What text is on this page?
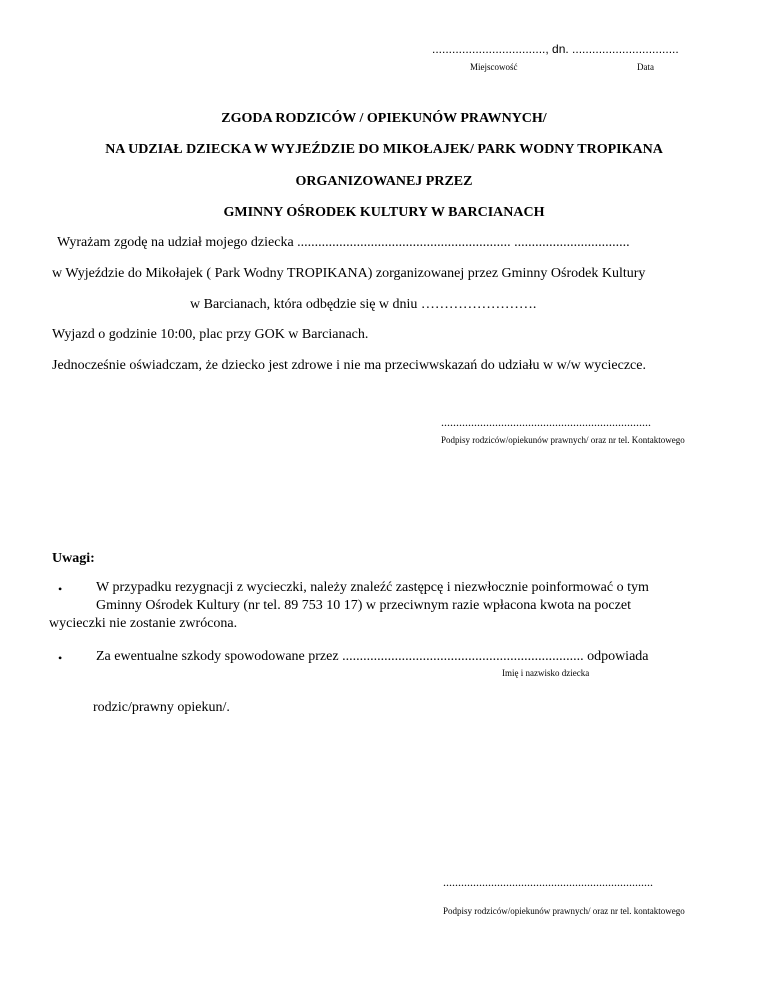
.................................., dn. ................................
Miejscowość	Data
ZGODA RODZICÓW / OPIEKUNÓW PRAWNYCH/
NA UDZIAŁ DZIECKA W WYJEŹDZIE DO MIKOŁAJEK/ PARK WODNY TROPIKANA
ORGANIZOWANEJ PRZEZ
GMINNY OŚRODEK KULTURY W BARCIANACH
Wyrażam zgodę na udział mojego dziecka ............................................................. .................................
w Wyjeździe do Mikołajek ( Park Wodny TROPIKANA) zorganizowanej przez Gminny Ośrodek Kultury
w Barcianach, która odbędzie się w dniu …………………….
Wyjazd o godzinie 10:00, plac przy GOK w Barcianach.
Jednocześnie oświadczam, że dziecko jest zdrowe i nie ma przeciwwskazań do udziału w w/w wycieczce.
......................................................................
Podpisy rodziców/opiekunów prawnych/ oraz nr tel. Kontaktowego
Uwagi:
• W przypadku rezygnacji z wycieczki, należy znaleźć zastępcę i niezwłocznie poinformować o tym
Gminny Ośrodek Kultury (nr tel. 89 753 10 17) w przeciwnym razie wpłacona kwota na poczet
wycieczki nie zostanie zwrócona.
• Za ewentualne szkody spowodowane przez ..................................................................... odpowiada
Imię i nazwisko dziecka
rodzic/prawny opiekun/.
......................................................................
Podpisy rodziców/opiekunów prawnych/ oraz nr tel. kontaktowego
